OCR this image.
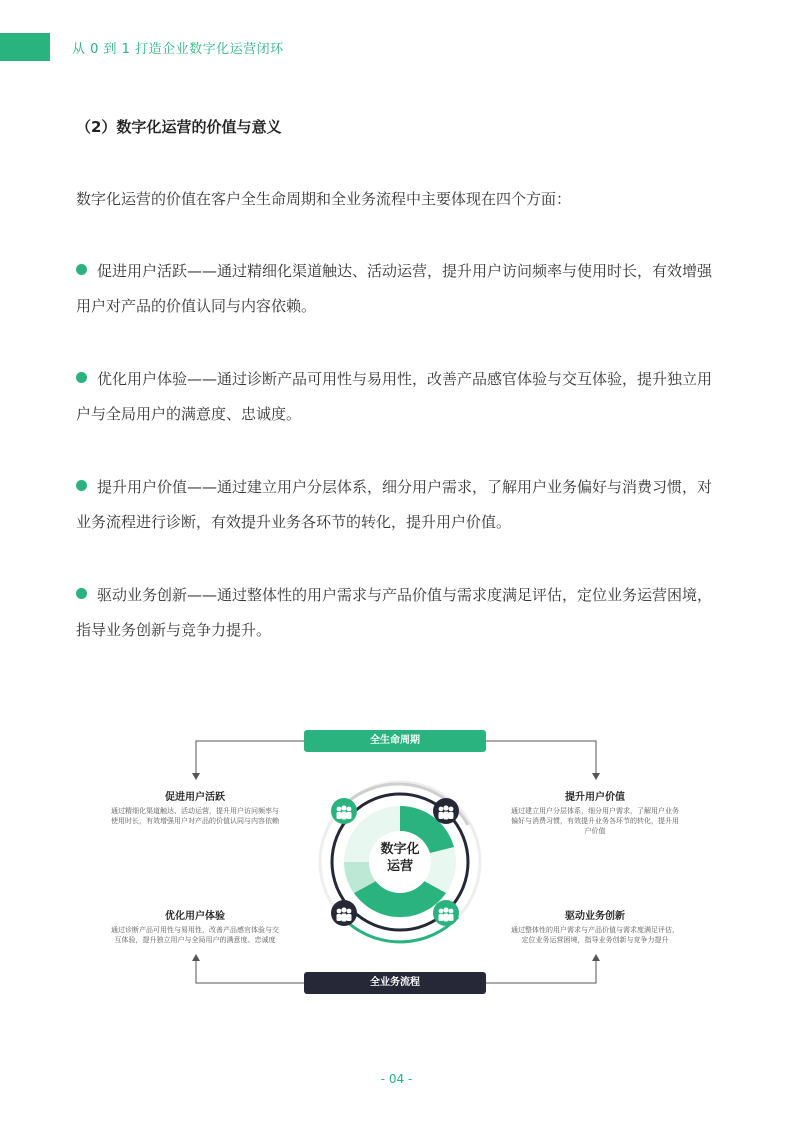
从 0 到 1 打造企业数字化运营闭环
（2）数字化运营的价值与意义
数字化运营的价值在客户全生命周期和全业务流程中主要体现在四个方面：
促进用户活跃——通过精细化渠道触达、活动运营，提升用户访问频率与使用时长，有效增强用户对产品的价值认同与内容依赖。
优化用户体验——通过诊断产品可用性与易用性，改善产品感官体验与交互体验，提升独立用户与全局用户的满意度、忠诚度。
提升用户价值——通过建立用户分层体系，细分用户需求，了解用户业务偏好与消费习惯，对业务流程进行诊断，有效提升业务各环节的转化，提升用户价值。
驱动业务创新——通过整体性的用户需求与产品价值与需求度满足评估，定位业务运营困境，指导业务创新与竞争力提升。
全生命周期
全业务流程
数字化
运营
促进用户活跃
通过精细化渠道触达、活动运营，提升用户访问频率与使用时长，有效增强用户对产品的价值认同与内容依赖
提升用户价值
通过建立用户分层体系，细分用户需求，了解用户业务偏好与消费习惯，有效提升业务各环节的转化，提升用户价值
优化用户体验
通过诊断产品可用性与易用性，改善产品感官体验与交互体验，提升独立用户与全局用户的满意度、忠诚度
驱动业务创新
通过整体性的用户需求与产品价值与需求度满足评估，定位业务运营困境，指导业务创新与竞争力提升
- 04 -
